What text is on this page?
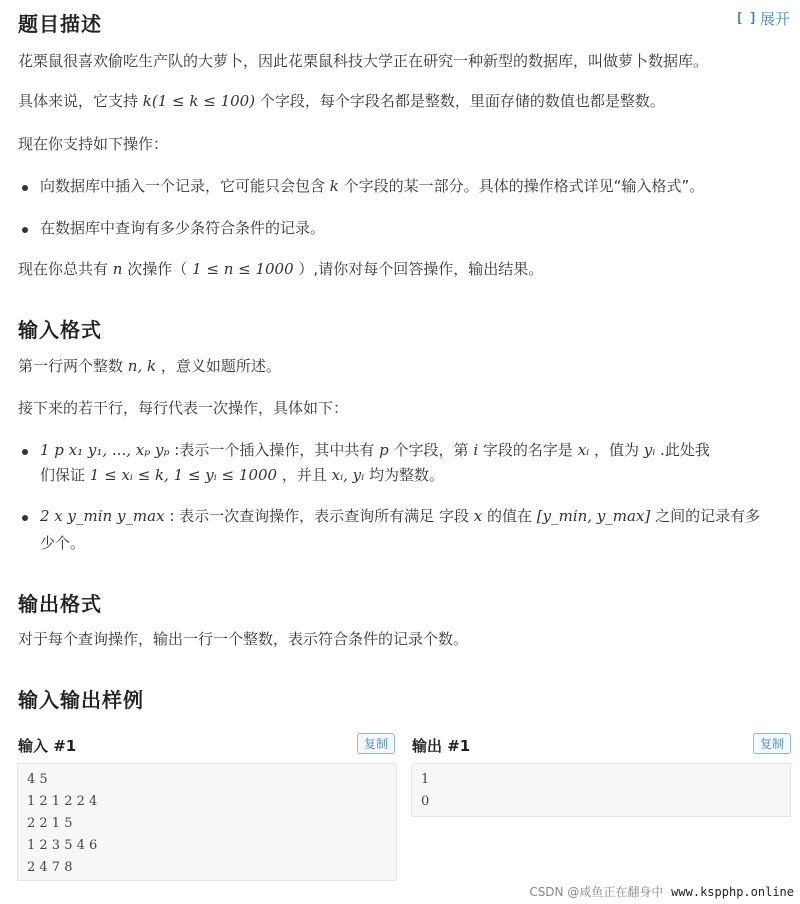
题目描述	[ ] 展开
花栗鼠很喜欢偷吃生产队的大萝卜，因此花栗鼠科技大学正在研究一种新型的数据库，叫做萝卜数据库。
具体来说，它支持 k(1 ≤ k ≤ 100) 个字段，每个字段名都是整数，里面存储的数值也都是整数。
现在你支持如下操作：
向数据库中插入一个记录，它可能只会包含 k 个字段的某一部分。具体的操作格式详见“输入格式”。
在数据库中查询有多少条符合条件的记录。
现在你总共有 n 次操作（ 1 ≤ n ≤ 1000 ）,请你对每个回答操作，输出结果。
输入格式
第一行两个整数 n, k ，意义如题所述。
接下来的若干行，每行代表一次操作，具体如下：
1 p x₁ y₁, ..., xₚ yₚ :表示一个插入操作，其中共有 p 个字段，第 i 字段的名字是 xᵢ ，值为 yᵢ .此处我
们保证 1 ≤ xᵢ ≤ k, 1 ≤ yᵢ ≤ 1000 ，并且 xᵢ, yᵢ 均为整数。
2 x y_min y_max : 表示一次查询操作，表示查询所有满足 字段 x 的值在 [y_min, y_max] 之间的记录有多
少个。
输出格式
对于每个查询操作，输出一行一个整数，表示符合条件的记录个数。
输入输出样例
输入 #1	复制	输出 #1	复制
4 5
1 2 1 2 2 4
2 2 1 5
1 2 3 5 4 6
2 4 7 8
1
0
CSDN @咸鱼正在翻身中 www.kspphp.online
